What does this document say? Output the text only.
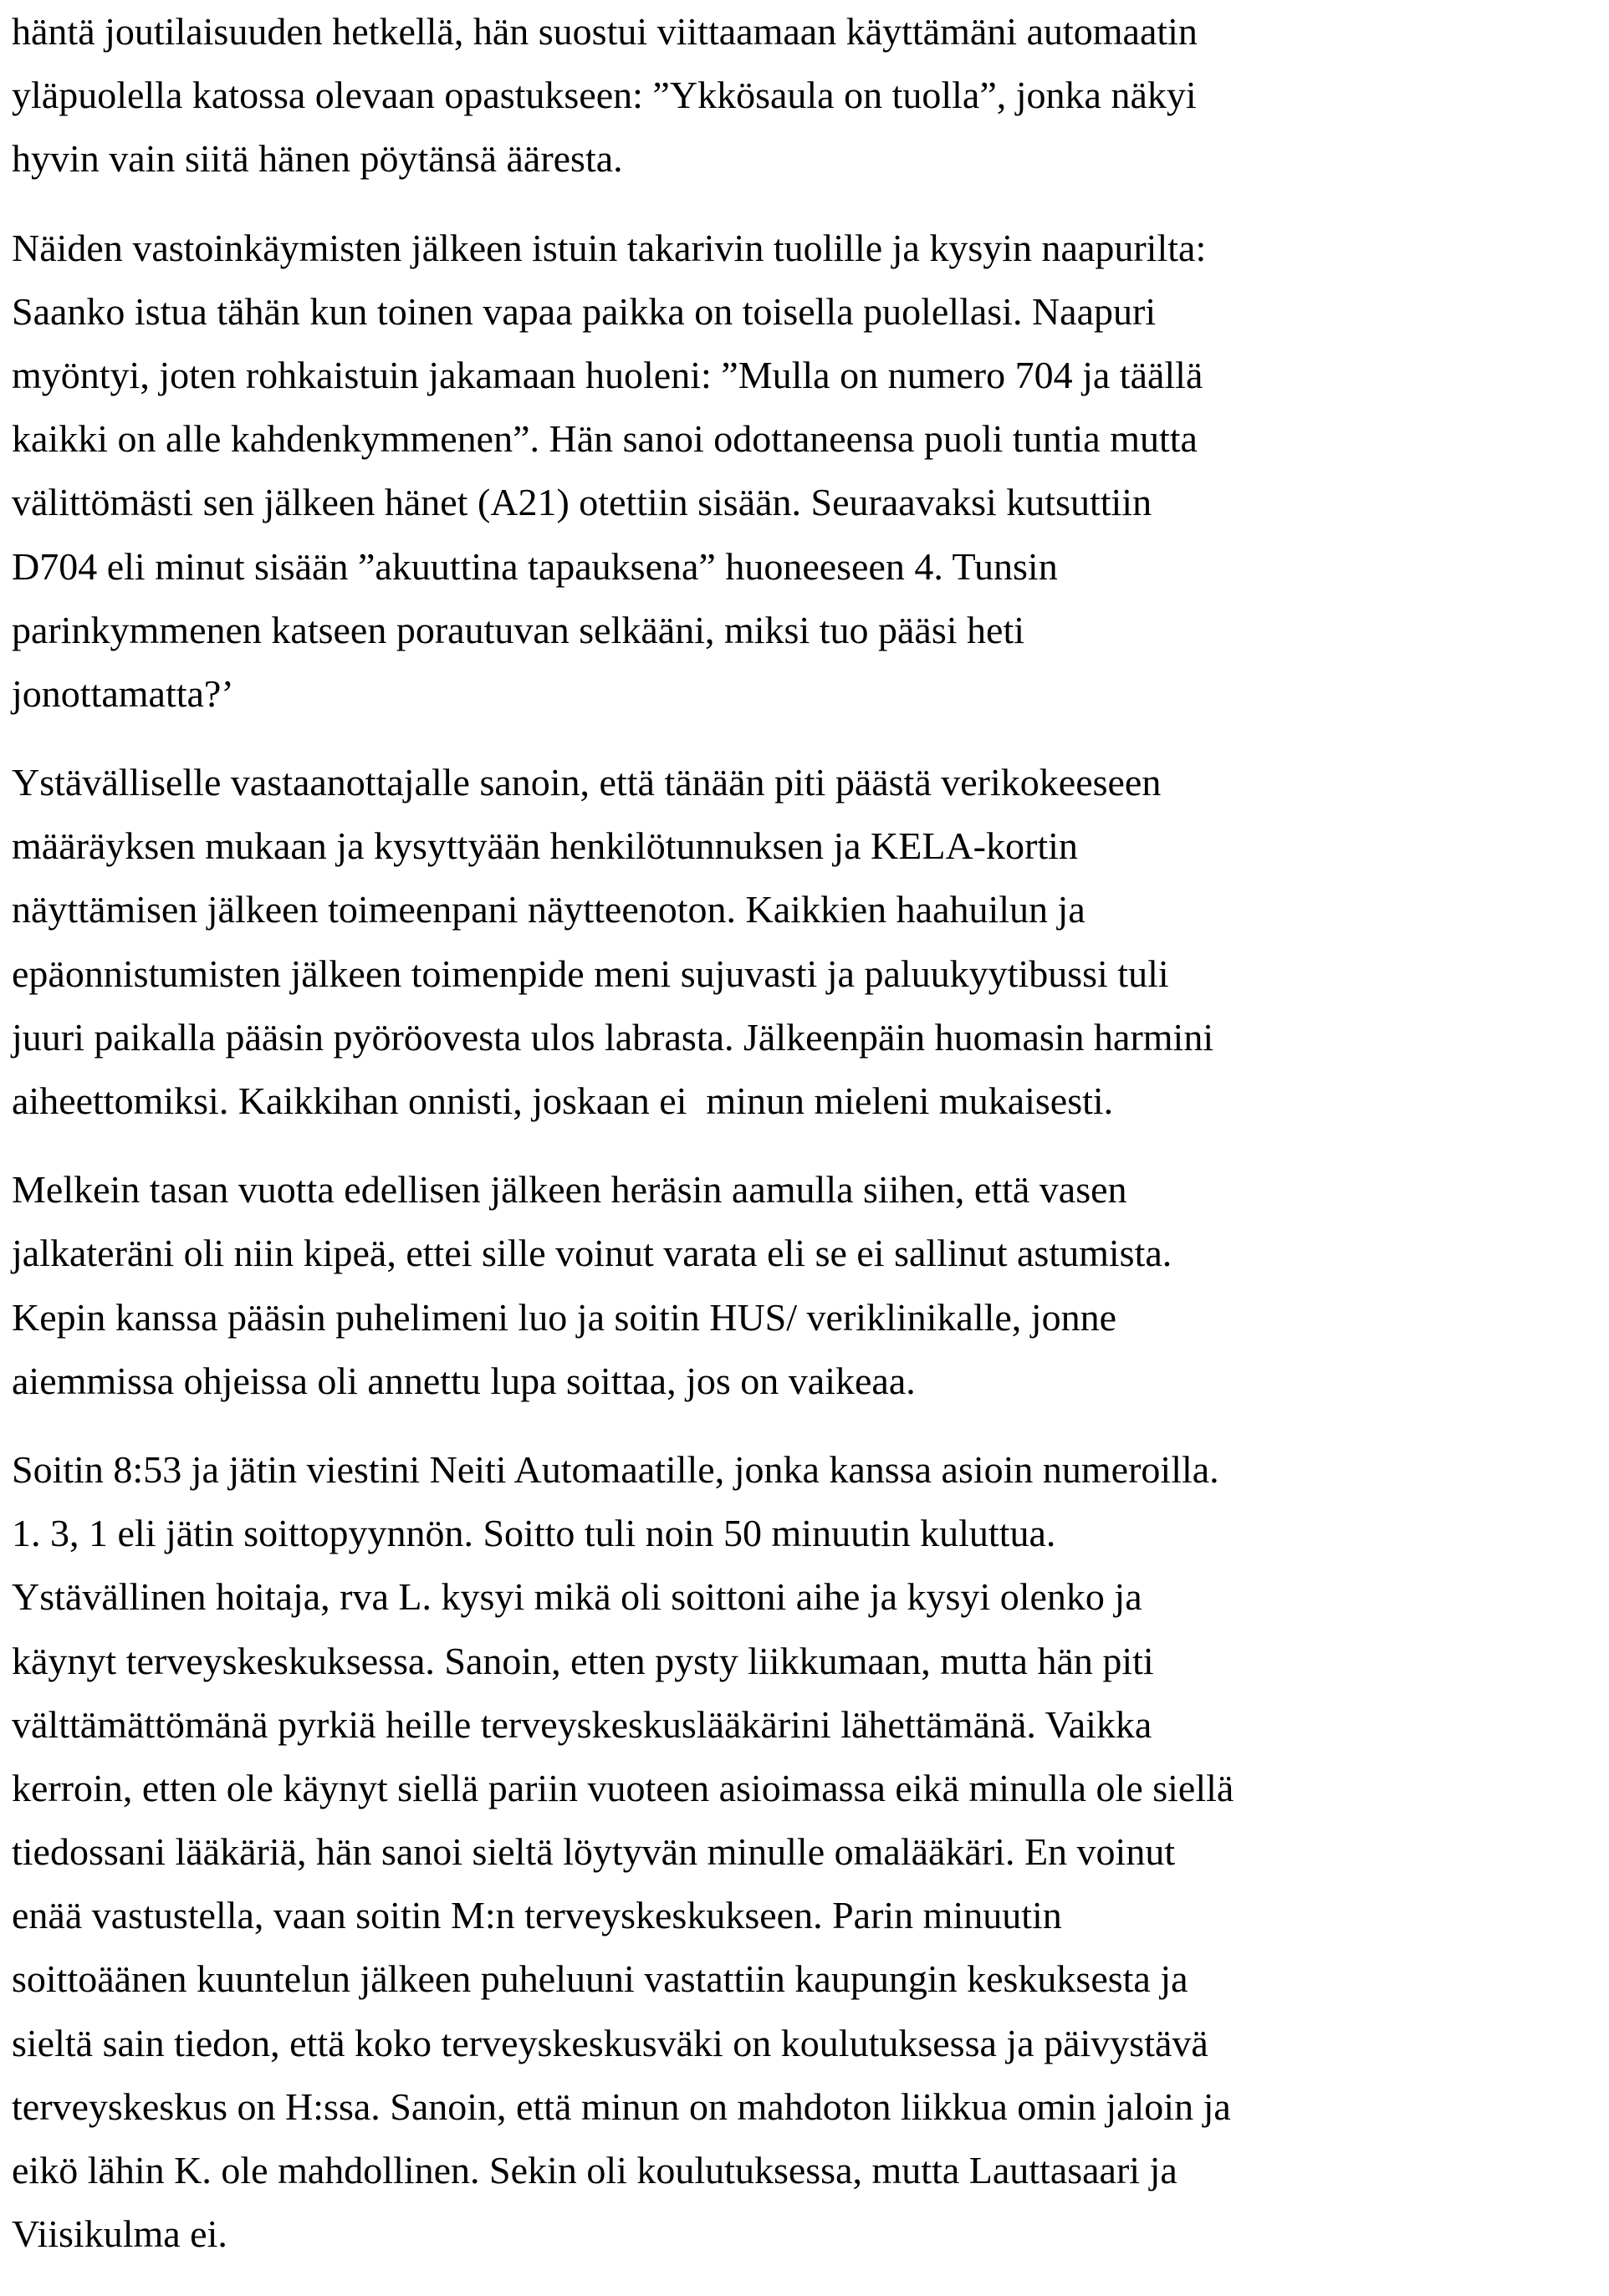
häntä joutilaisuuden hetkellä, hän suostui viittaamaan käyttämäni automaatin
yläpuolella katossa olevaan opastukseen: ”Ykkösaula on tuolla”, jonka näkyi
hyvin vain siitä hänen pöytänsä ääresta.
Näiden vastoinkäymisten jälkeen istuin takarivin tuolille ja kysyin naapurilta:
Saanko istua tähän kun toinen vapaa paikka on toisella puolellasi. Naapuri
myöntyi, joten rohkaistuin jakamaan huoleni: ”Mulla on numero 704 ja täällä
kaikki on alle kahdenkymmenen”. Hän sanoi odottaneensa puoli tuntia mutta
välittömästi sen jälkeen hänet (A21) otettiin sisään. Seuraavaksi kutsuttiin
D704 eli minut sisään ”akuuttina tapauksena” huoneeseen 4. Tunsin
parinkymmenen katseen porautuvan selkääni, miksi tuo pääsi heti
jonottamatta?’
Ystävälliselle vastaanottajalle sanoin, että tänään piti päästä verikokeeseen
määräyksen mukaan ja kysyttyään henkilötunnuksen ja KELA-kortin
näyttämisen jälkeen toimeenpani näytteenoton. Kaikkien haahuilun ja
epäonnistumisten jälkeen toimenpide meni sujuvasti ja paluukyytibussi tuli
juuri paikalla pääsin pyöröovesta ulos labrasta. Jälkeenpäin huomasin harmini
aiheettomiksi. Kaikkihan onnisti, joskaan ei  minun mieleni mukaisesti.
Melkein tasan vuotta edellisen jälkeen heräsin aamulla siihen, että vasen
jalkateräni oli niin kipeä, ettei sille voinut varata eli se ei sallinut astumista.
Kepin kanssa pääsin puhelimeni luo ja soitin HUS/ veriklinikalle, jonne
aiemmissa ohjeissa oli annettu lupa soittaa, jos on vaikeaa.
Soitin 8:53 ja jätin viestini Neiti Automaatille, jonka kanssa asioin numeroilla.
1. 3, 1 eli jätin soittopyynnön. Soitto tuli noin 50 minuutin kuluttua.
Ystävällinen hoitaja, rva L. kysyi mikä oli soittoni aihe ja kysyi olenko ja
käynyt terveyskeskuksessa. Sanoin, etten pysty liikkumaan, mutta hän piti
välttämättömänä pyrkiä heille terveyskeskuslääkärini lähettämänä. Vaikka
kerroin, etten ole käynyt siellä pariin vuoteen asioimassa eikä minulla ole siellä
tiedossani lääkäriä, hän sanoi sieltä löytyvän minulle omalääkäri. En voinut
enää vastustella, vaan soitin M:n terveyskeskukseen. Parin minuutin
soittoäänen kuuntelun jälkeen puheluuni vastattiin kaupungin keskuksesta ja
sieltä sain tiedon, että koko terveyskeskusväki on koulutuksessa ja päivystävä
terveyskeskus on H:ssa. Sanoin, että minun on mahdoton liikkua omin jaloin ja
eikö lähin K. ole mahdollinen. Sekin oli koulutuksessa, mutta Lauttasaari ja
Viisikulma ei.
